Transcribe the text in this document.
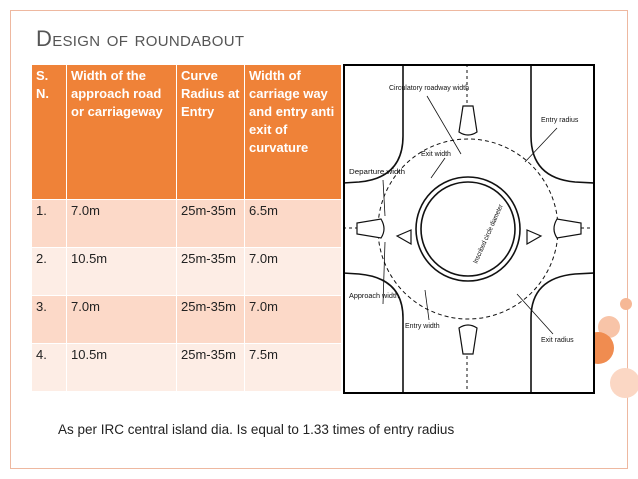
Design of roundabout
S. N.	Width of the approach road or carriageway	Curve Radius at Entry	Width of carriage way and entry anti exit of curvature
1.	7.0m	25m-35m	6.5m
2.	10.5m	25m-35m	7.0m
3.	7.0m	25m-35m	7.0m
4.	10.5m	25m-35m	7.5m
Circulatory roadway width
Entry radius
Exit width
Departure width
Approach width
Entry width
Exit radius
Inscribed circle diameter
As per IRC central island dia. Is equal to 1.33 times of entry radius
